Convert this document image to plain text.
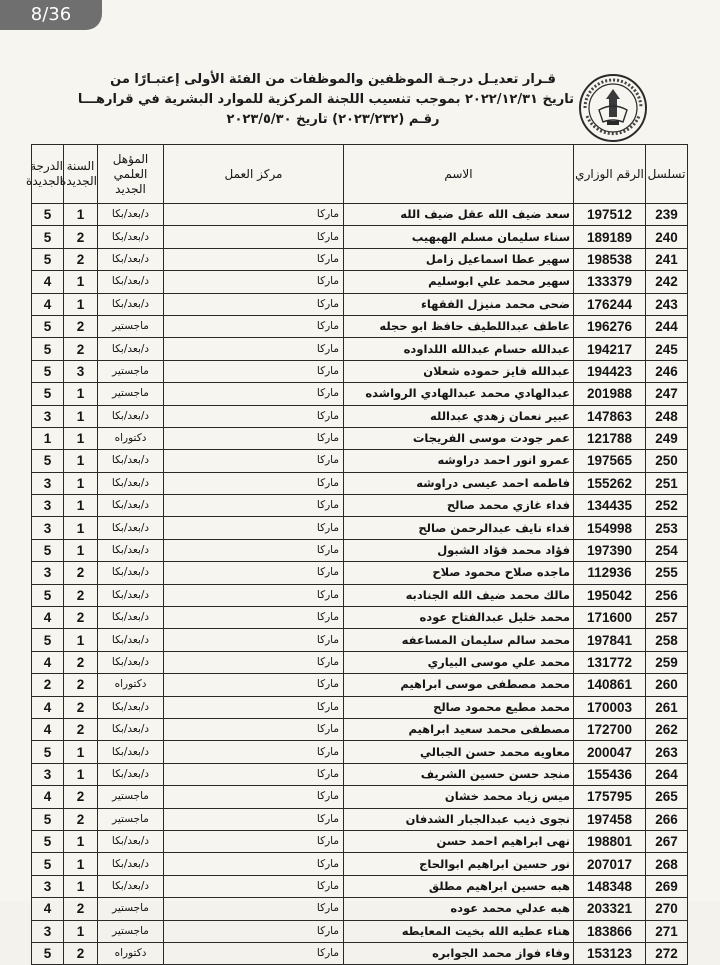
8/36
قـرار تعديـل درجـة الموظفين والموظفات من الفئة الأولى إعتبـارًا من
تاريخ ٢٠٢٢/١٢/٣١ بموجب تنسيب اللجنة المركزية للموارد البشرية في قرارهـــا
رقـم (٢٠٢٣/٢٣٢) تاريخ ٢٠٢٣/٥/٣٠
تسلسل	الرقم الوزاري	الاسم	مركز العمل	المؤهل العلمي الجديد	السنة الجديدة	الدرجة الجديدة
239	197512	سعد ضيف الله عقل ضيف الله	ماركا	د/بعد/بكا	1	5
240	189189	سناء سليمان مسلم الهبهيب	ماركا	د/بعد/بكا	2	5
241	198538	سهير عطا اسماعيل زامل	ماركا	د/بعد/بكا	2	5
242	133379	سهير محمد علي ابوسليم	ماركا	د/بعد/بكا	1	4
243	176244	ضحى محمد منيزل الفقهاء	ماركا	د/بعد/بكا	1	4
244	196276	عاطف عبداللطيف حافظ ابو حجله	ماركا	ماجستير	2	5
245	194217	عبدالله حسام عبدالله اللداوده	ماركا	د/بعد/بكا	2	5
246	194423	عبدالله فايز حموده شعلان	ماركا	ماجستير	3	5
247	201988	عبدالهادي محمد عبدالهادي الرواشده	ماركا	ماجستير	1	5
248	147863	عبير نعمان زهدي عبدالله	ماركا	د/بعد/بكا	1	3
249	121788	عمر جودت موسى الفريجات	ماركا	دكتوراه	1	1
250	197565	عمرو انور احمد دراوشه	ماركا	د/بعد/بكا	1	5
251	155262	فاطمه احمد عيسى دراوشه	ماركا	د/بعد/بكا	1	3
252	134435	فداء غازي محمد صالح	ماركا	د/بعد/بكا	1	3
253	154998	فداء نايف عبدالرحمن صالح	ماركا	د/بعد/بكا	1	3
254	197390	فؤاد محمد فؤاد الشبول	ماركا	د/بعد/بكا	1	5
255	112936	ماجده صلاح محمود صلاح	ماركا	د/بعد/بكا	2	3
256	195042	مالك محمد ضيف الله الجنادبه	ماركا	د/بعد/بكا	2	5
257	171600	محمد خليل عبدالفتاح عوده	ماركا	د/بعد/بكا	2	4
258	197841	محمد سالم سليمان المساعفه	ماركا	د/بعد/بكا	1	5
259	131772	محمد علي موسى البياري	ماركا	د/بعد/بكا	2	4
260	140861	محمد مصطفى موسى ابراهيم	ماركا	دكتوراه	2	2
261	170003	محمد مطيع محمود صالح	ماركا	د/بعد/بكا	2	4
262	172700	مصطفى محمد سعيد ابراهيم	ماركا	د/بعد/بكا	2	4
263	200047	معاويه محمد حسن الجبالي	ماركا	د/بعد/بكا	1	5
264	155436	منجد حسن حسين الشريف	ماركا	د/بعد/بكا	1	3
265	175795	ميس زياد محمد خشان	ماركا	ماجستير	2	4
266	197458	نجوى ذيب عبدالجبار الشدفان	ماركا	ماجستير	2	5
267	198801	نهى ابراهيم احمد حسن	ماركا	د/بعد/بكا	1	5
268	207017	نور حسين ابراهيم ابوالحاج	ماركا	د/بعد/بكا	1	5
269	148348	هبه حسين ابراهيم مطلق	ماركا	د/بعد/بكا	1	3
270	203321	هبه عدلي محمد عوده	ماركا	ماجستير	2	4
271	183866	هناء عطيه الله بخيت المعايطه	ماركا	ماجستير	1	3
272	153123	وفاء فواز محمد الجوابره	ماركا	دكتوراه	2	5
